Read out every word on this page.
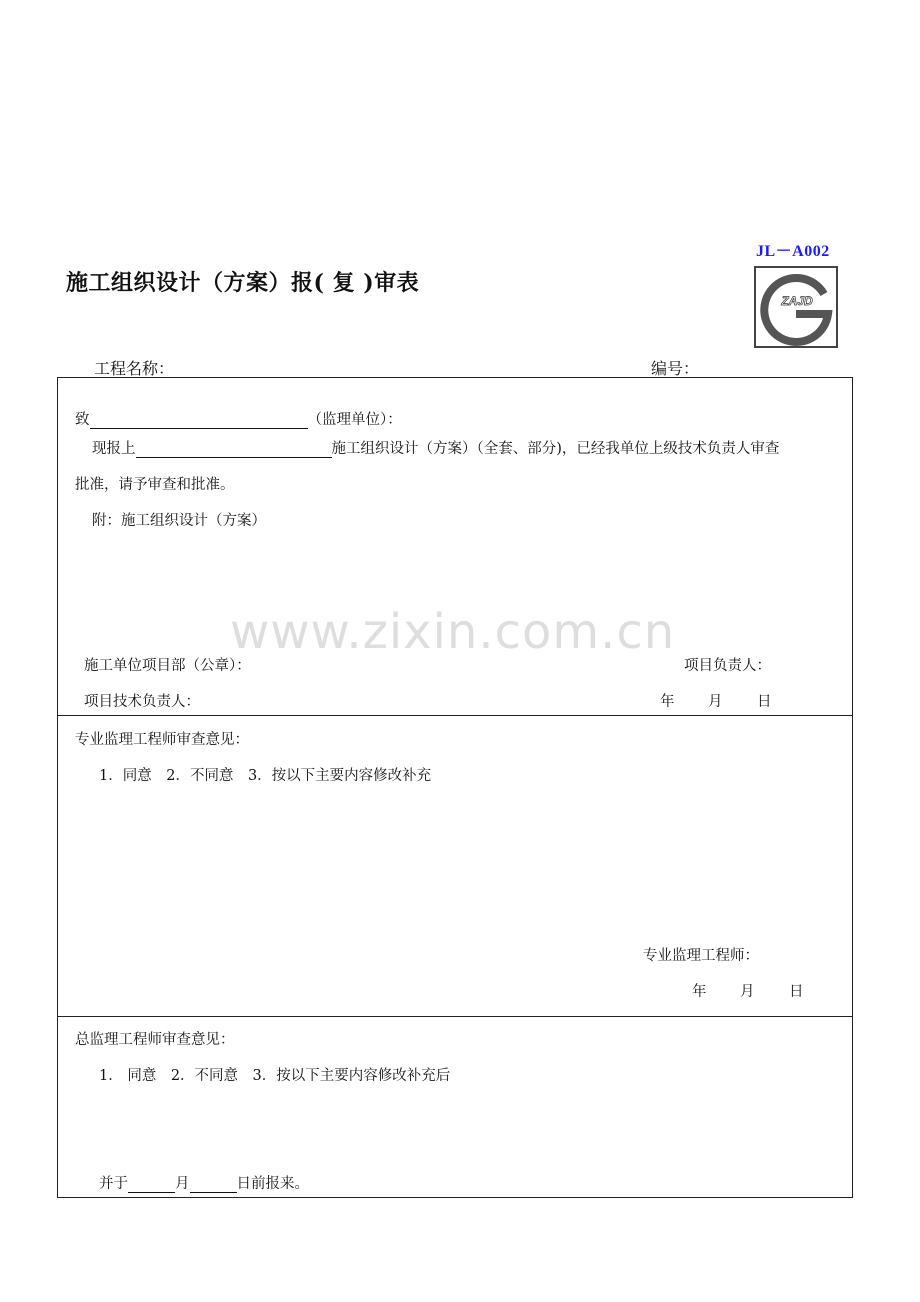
JL－A002
ZAJD
施工组织设计（方案）报( 复 )审表
工程名称：	编号：
致	（监理单位）：
现报上	施工组织设计（方案）（全套、部分)，已经我单位上级技术负责人审查
批准，请予审查和批准。
附：施工组织设计（方案）
施工单位项目部（公章）：	项目负责人：
项目技术负责人：	年 月 日
专业监理工程师审查意见：
1．同意　2．不同意　3．按以下主要内容修改补充
专业监理工程师：
年 月 日
总监理工程师审查意见：
1． 同意　2．不同意　3．按以下主要内容修改补充后
并于	月	日前报来。
www.zixin.com.cn
